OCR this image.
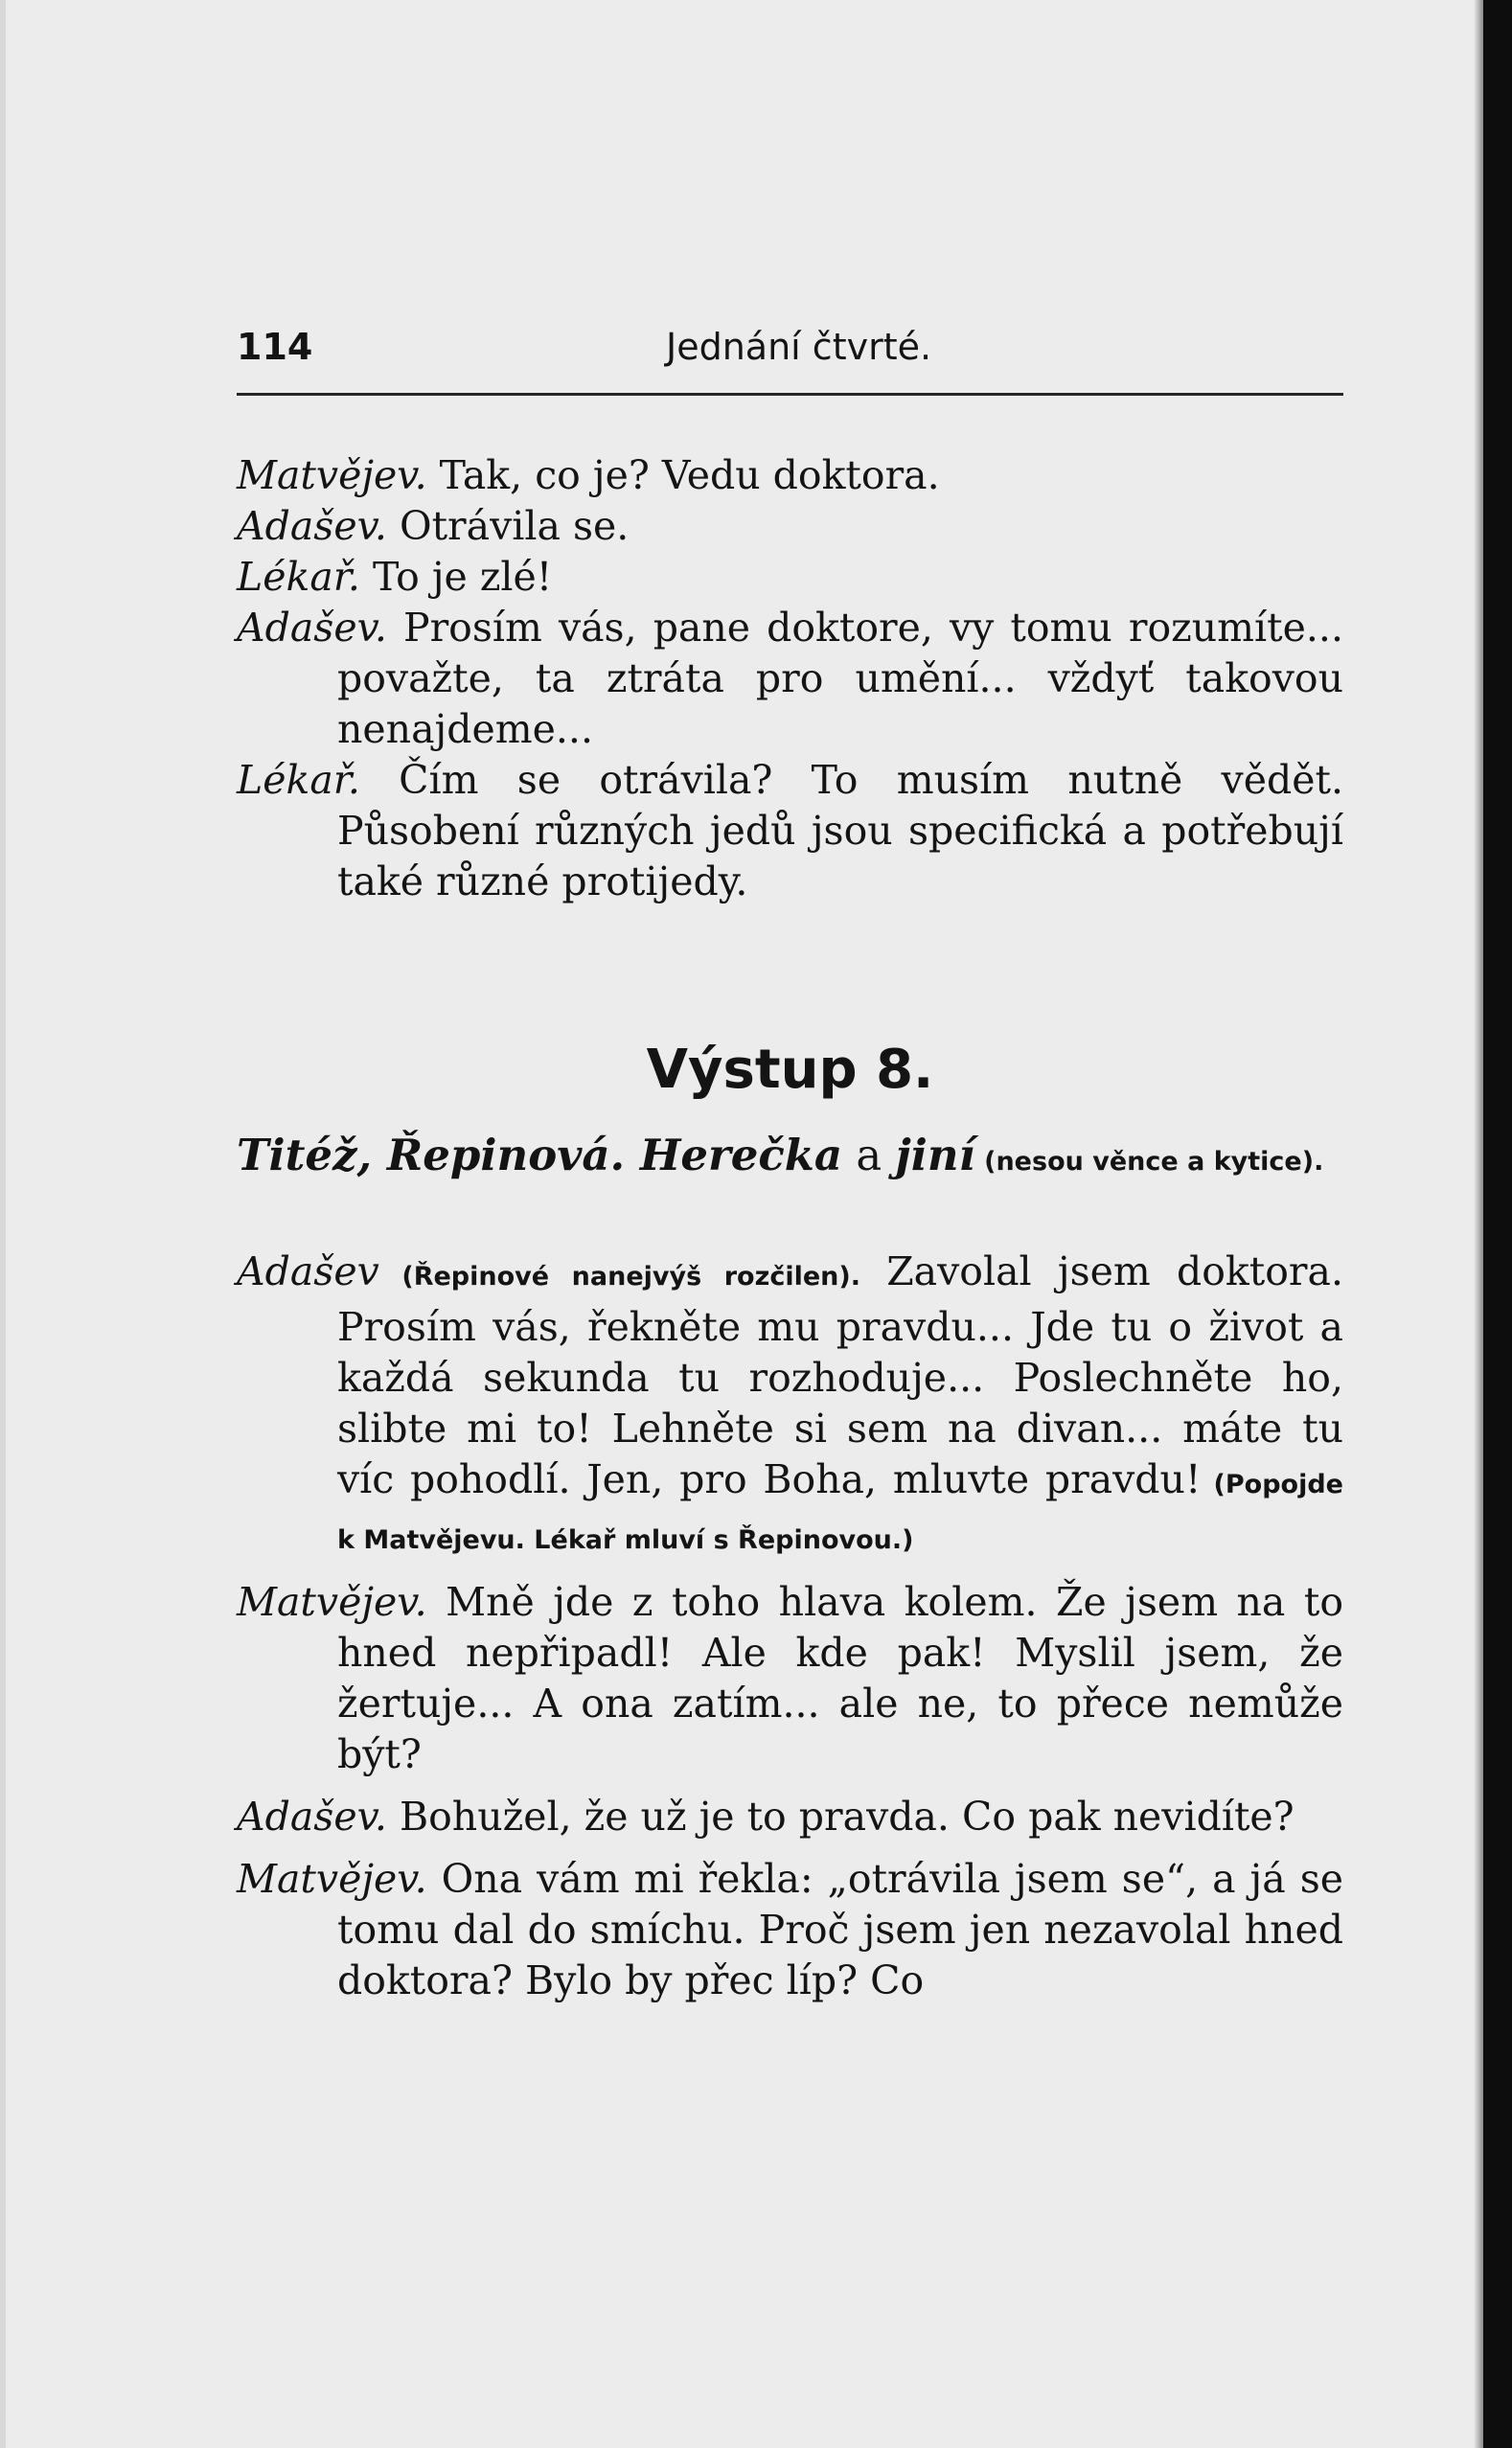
114	Jednání čtvrté.

Matvějev. Tak, co je? Vedu doktora.

Adašev. Otrávila se.

Lékař. To je zlé!

Adašev. Prosím vás, pane doktore, vy tomu rozumíte... považte, ta ztráta pro umění... vždyť takovou nenajdeme...

Lékař. Čím se otrávila? To musím nutně vědět. Působení různých jedů jsou specifická a potřebují také různé protijedy.

Výstup 8.
Titéž, Řepinová. Herečka a jiní (nesou věnce a kytice).

Adašev (Řepinové nanejvýš rozčilen). Zavolal jsem doktora. Prosím vás, řekněte mu pravdu... Jde tu o život a každá sekunda tu rozhoduje... Poslechněte ho, slibte mi to! Lehněte si sem na divan... máte tu víc pohodlí. Jen, pro Boha, mluvte pravdu! (Popojde k Matvějevu. Lékař mluví s Řepinovou.)

Matvějev. Mně jde z toho hlava kolem. Že jsem na to hned nepřipadl! Ale kde pak! Myslil jsem, že žertuje... A ona zatím... ale ne, to přece nemůže být?

Adašev. Bohužel, že už je to pravda. Co pak nevidíte?

Matvějev. Ona vám mi řekla: „otrávila jsem se“, a já se tomu dal do smíchu. Proč jsem jen nezavolal hned doktora? Bylo by přec líp? Co
